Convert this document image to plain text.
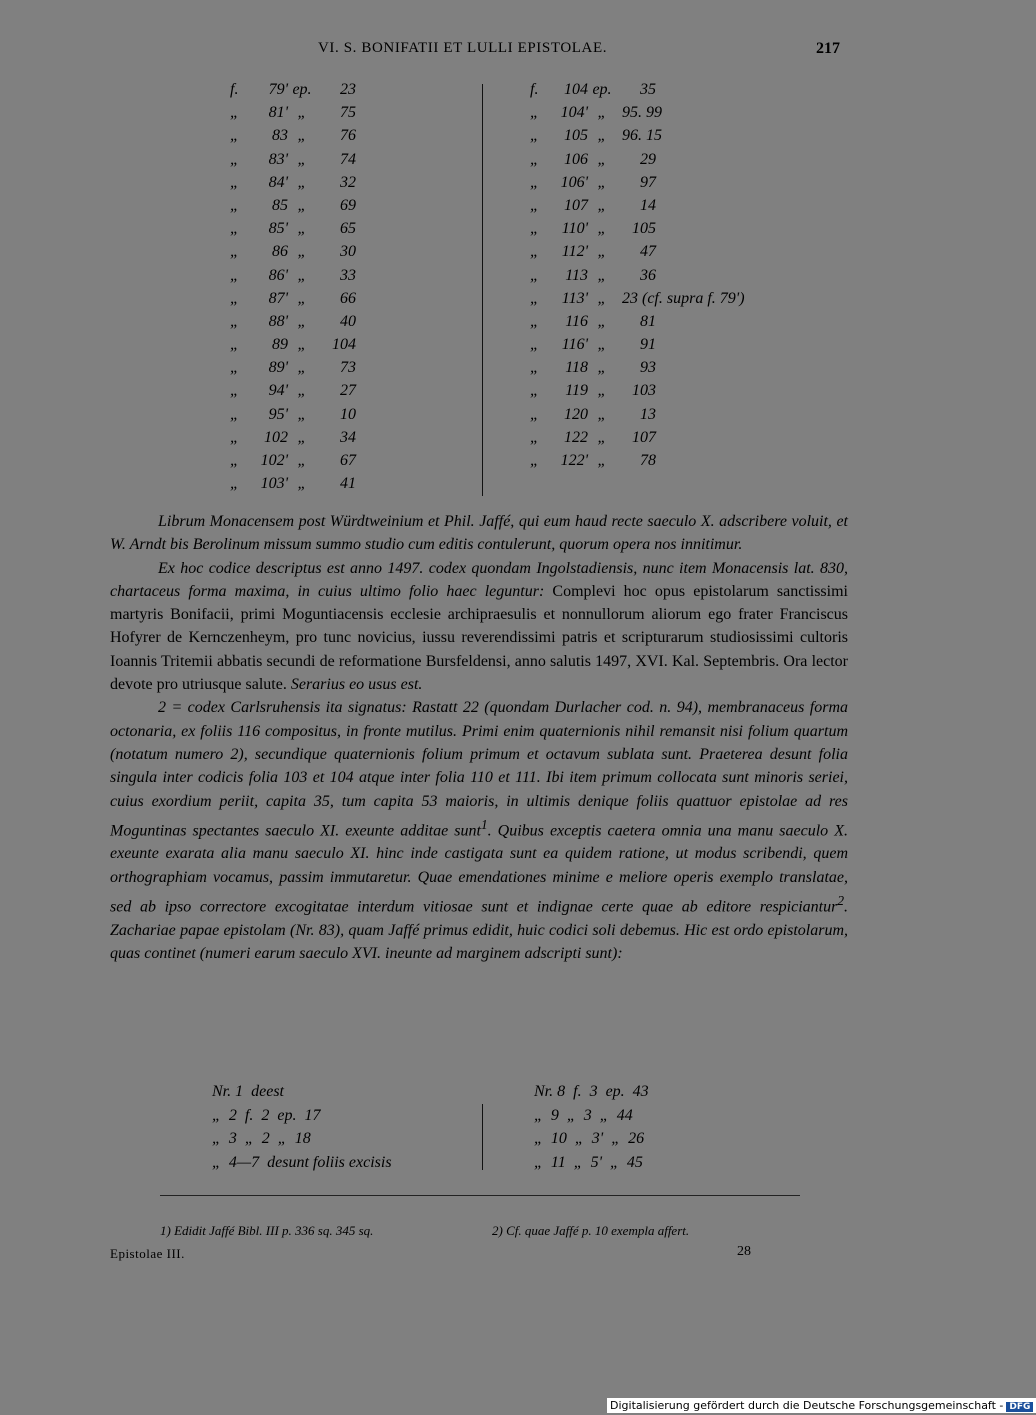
VI. S. BONIFATII ET LULLI EPISTOLAE.	217
f. 79' ep. 23
„ 81' „ 75
„ 83 „ 76
„ 83' „ 74
„ 84' „ 32
„ 85 „ 69
„ 85' „ 65
„ 86 „ 30
„ 86' „ 33
„ 87' „ 66
„ 88' „ 40
„ 89 „ 104
„ 89' „ 73
„ 94' „ 27
„ 95' „ 10
„ 102 „ 34
„ 102' „ 67
„ 103' „ 41
f. 104 ep. 35
„ 104' „ 95. 99
„ 105 „ 96. 15
„ 106 „ 29
„ 106' „ 97
„ 107 „ 14
„ 110' „ 105
„ 112' „ 47
„ 113 „ 36
„ 113' „ 23 (cf. supra f. 79')
„ 116 „ 81
„ 116' „ 91
„ 118 „ 93
„ 119 „ 103
„ 120 „ 13
„ 122 „ 107
„ 122' „ 78

Librum Monacensem post Würdtweinium et Phil. Jaffé, qui eum haud recte saeculo X. adscribere voluit, et W. Arndt bis Berolinum missum summo studio cum editis contulerunt, quorum opera nos innitimur.

Ex hoc codice descriptus est anno 1497. codex quondam Ingolstadiensis, nunc item Monacensis lat. 830, chartaceus forma maxima, in cuius ultimo folio haec leguntur: Complevi hoc opus epistolarum sanctissimi martyris Bonifacii, primi Moguntiacensis ecclesie archipraesulis et nonnullorum aliorum ego frater Franciscus Hofyrer de Kernczenheym, pro tunc novicius, iussu reverendissimi patris et scripturarum studiosissimi cultoris Ioannis Tritemii abbatis secundi de reformatione Bursfeldensi, anno salutis 1497, XVI. Kal. Septembris. Ora lector devote pro utriusque salute. Serarius eo usus est.

2 = codex Carlsruhensis ita signatus: Rastatt 22 (quondam Durlacher cod. n. 94), membranaceus forma octonaria, ex foliis 116 compositus, in fronte mutilus. Primi enim quaternionis nihil remansit nisi folium quartum (notatum numero 2), secundique quaternionis folium primum et octavum sublata sunt. Praeterea desunt folia singula inter codicis folia 103 et 104 atque inter folia 110 et 111. Ibi item primum collocata sunt minoris seriei, cuius exordium periit, capita 35, tum capita 53 maioris, in ultimis denique foliis quattuor epistolae ad res Moguntinas spectantes saeculo XI. exeunte additae sunt$^1$. Quibus exceptis caetera omnia una manu saeculo X. exeunte exarata alia manu saeculo XI. hinc inde castigata sunt ea quidem ratione, ut modus scribendi, quem orthographiam vocamus, passim immutaretur. Quae emendationes minime e meliore operis exemplo translatae, sed ab ipso correctore excogitatae interdum vitiosae sunt et indignae certe quae ab editore respiciantur$^2$. Zachariae papae epistolam (Nr. 83), quam Jaffé primus edidit, huic codici soli debemus. Hic est ordo epistolarum, quas continet (numeri earum saeculo XVI. ineunte ad marginem adscripti sunt):

Nr. 1  deest
„  2  f.  2  ep.  17
„  3  „  2  „  18
„  4—7  desunt foliis excisis
Nr. 8  f.  3  ep.  43
„  9  „  3  „  44
„  10  „  3'  „  26
„  11  „  5'  „  45
1) Edidit Jaffé Bibl. III p. 336 sq. 345 sq.	2) Cf. quae Jaffé p. 10 exempla affert.
Epistolae III.	28
Digitalisierung gefördert durch die Deutsche Forschungsgemeinschaft - DFG
